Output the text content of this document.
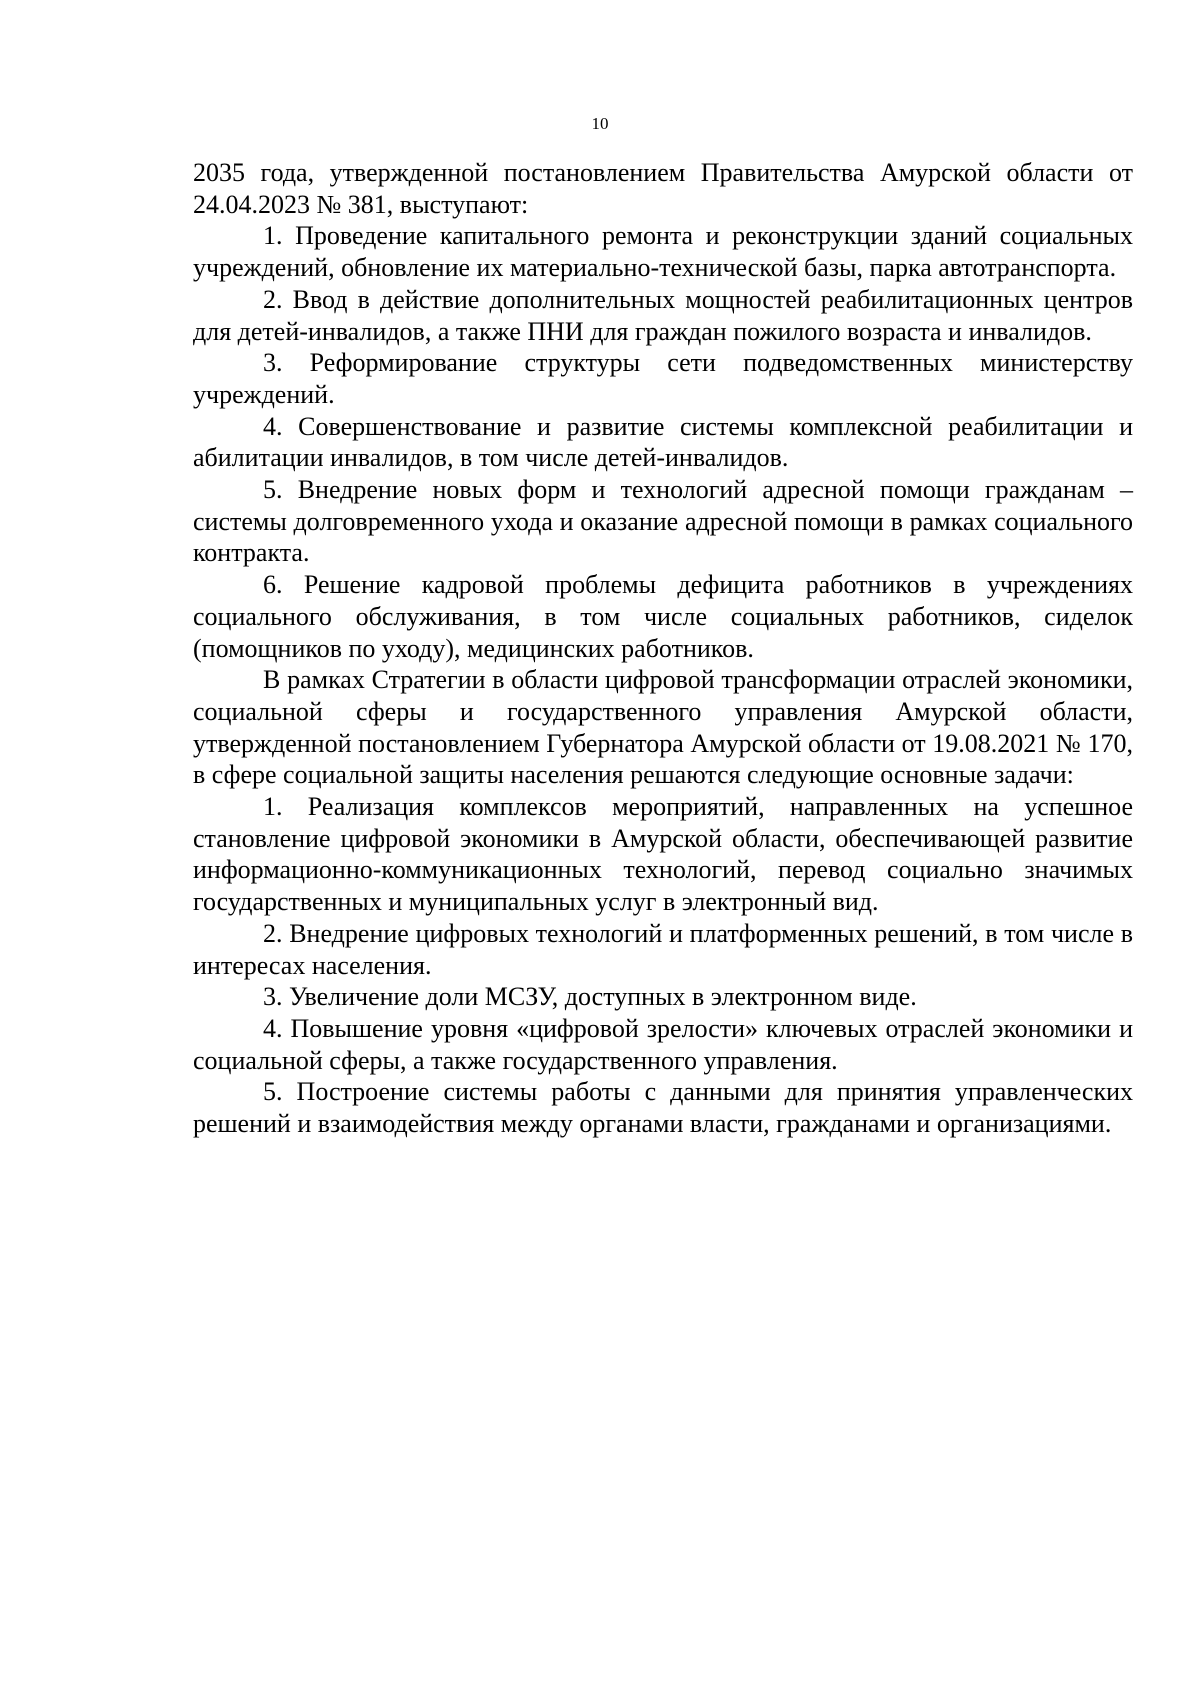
10

2035 года, утвержденной постановлением Правительства Амурской области от 24.04.2023 № 381, выступают:

1. Проведение капитального ремонта и реконструкции зданий социальных учреждений, обновление их материально-технической базы, парка автотранспорта.

2. Ввод в действие дополнительных мощностей реабилитационных центров для детей-инвалидов, а также ПНИ для граждан пожилого возраста и инвалидов.

3. Реформирование структуры сети подведомственных министерству учреждений.

4. Совершенствование и развитие системы комплексной реабилитации и абилитации инвалидов, в том числе детей-инвалидов.

5. Внедрение новых форм и технологий адресной помощи гражданам – системы долговременного ухода и оказание адресной помощи в рамках социального контракта.

6. Решение кадровой проблемы дефицита работников в учреждениях социального обслуживания, в том числе социальных работников, сиделок (помощников по уходу), медицинских работников.

В рамках Стратегии в области цифровой трансформации отраслей экономики, социальной сферы и государственного управления Амурской области, утвержденной постановлением Губернатора Амурской области от 19.08.2021 № 170, в сфере социальной защиты населения решаются следующие основные задачи:

1. Реализация комплексов мероприятий, направленных на успешное становление цифровой экономики в Амурской области, обеспечивающей развитие информационно-коммуникационных технологий, перевод социально значимых государственных и муниципальных услуг в электронный вид.

2. Внедрение цифровых технологий и платформенных решений, в том числе в интересах населения.

3. Увеличение доли МСЗУ, доступных в электронном виде.

4. Повышение уровня «цифровой зрелости» ключевых отраслей экономики и социальной сферы, а также государственного управления.

5. Построение системы работы с данными для принятия управленческих решений и взаимодействия между органами власти, гражданами и организациями.
